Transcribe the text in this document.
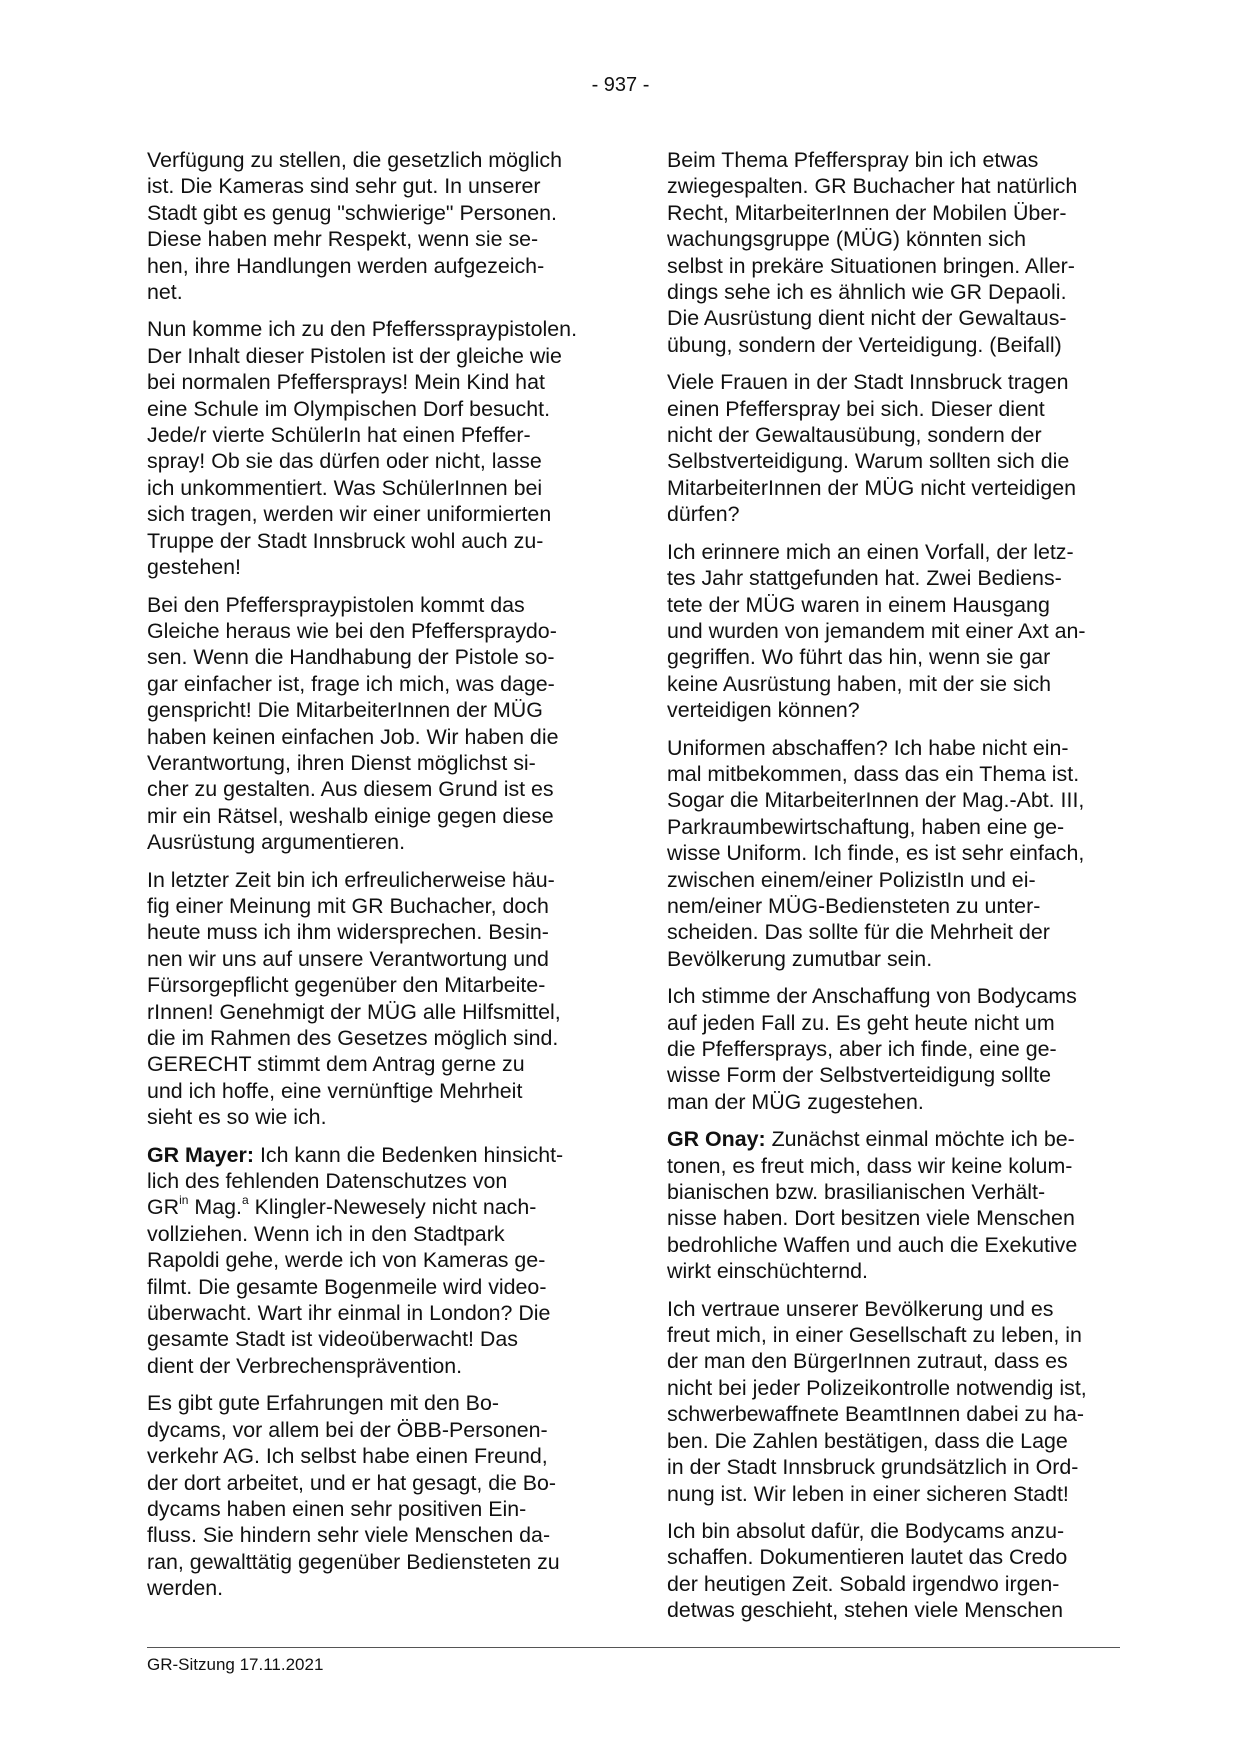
- 937 -
Verfügung zu stellen, die gesetzlich möglich
ist. Die Kameras sind sehr gut. In unserer
Stadt gibt es genug "schwierige" Personen.
Diese haben mehr Respekt, wenn sie se-
hen, ihre Handlungen werden aufgezeich-
net.
Nun komme ich zu den Pfeffersspraypistolen.
Der Inhalt dieser Pistolen ist der gleiche wie
bei normalen Pfeffersprays! Mein Kind hat
eine Schule im Olympischen Dorf besucht.
Jede/r vierte SchülerIn hat einen Pfeffer-
spray! Ob sie das dürfen oder nicht, lasse
ich unkommentiert. Was SchülerInnen bei
sich tragen, werden wir einer uniformierten
Truppe der Stadt Innsbruck wohl auch zu-
gestehen!
Bei den Pfefferspraypistolen kommt das
Gleiche heraus wie bei den Pfefferspraydo-
sen. Wenn die Handhabung der Pistole so-
gar einfacher ist, frage ich mich, was dage-
genspricht! Die MitarbeiterInnen der MÜG
haben keinen einfachen Job. Wir haben die
Verantwortung, ihren Dienst möglichst si-
cher zu gestalten. Aus diesem Grund ist es
mir ein Rätsel, weshalb einige gegen diese
Ausrüstung argumentieren.
In letzter Zeit bin ich erfreulicherweise häu-
fig einer Meinung mit GR Buchacher, doch
heute muss ich ihm widersprechen. Besin-
nen wir uns auf unsere Verantwortung und
Fürsorgepflicht gegenüber den Mitarbeite-
rInnen! Genehmigt der MÜG alle Hilfsmittel,
die im Rahmen des Gesetzes möglich sind.
GERECHT stimmt dem Antrag gerne zu
und ich hoffe, eine vernünftige Mehrheit
sieht es so wie ich.
GR Mayer: Ich kann die Bedenken hinsicht-
lich des fehlenden Datenschutzes von
$GR^{in}$ Mag.$^a$ Klingler-Newesely nicht nach-
vollziehen. Wenn ich in den Stadtpark
Rapoldi gehe, werde ich von Kameras ge-
filmt. Die gesamte Bogenmeile wird video-
überwacht. Wart ihr einmal in London? Die
gesamte Stadt ist videoüberwacht! Das
dient der Verbrechensprävention.
Es gibt gute Erfahrungen mit den Bo-
dycams, vor allem bei der ÖBB-Personen-
verkehr AG. Ich selbst habe einen Freund,
der dort arbeitet, und er hat gesagt, die Bo-
dycams haben einen sehr positiven Ein-
fluss. Sie hindern sehr viele Menschen da-
ran, gewalttätig gegenüber Bediensteten zu
werden.
Beim Thema Pfefferspray bin ich etwas
zwiegespalten. GR Buchacher hat natürlich
Recht, MitarbeiterInnen der Mobilen Über-
wachungsgruppe (MÜG) könnten sich
selbst in prekäre Situationen bringen. Aller-
dings sehe ich es ähnlich wie GR Depaoli.
Die Ausrüstung dient nicht der Gewaltaus-
übung, sondern der Verteidigung. (Beifall)
Viele Frauen in der Stadt Innsbruck tragen
einen Pfefferspray bei sich. Dieser dient
nicht der Gewaltausübung, sondern der
Selbstverteidigung. Warum sollten sich die
MitarbeiterInnen der MÜG nicht verteidigen
dürfen?
Ich erinnere mich an einen Vorfall, der letz-
tes Jahr stattgefunden hat. Zwei Bediens-
tete der MÜG waren in einem Hausgang
und wurden von jemandem mit einer Axt an-
gegriffen. Wo führt das hin, wenn sie gar
keine Ausrüstung haben, mit der sie sich
verteidigen können?
Uniformen abschaffen? Ich habe nicht ein-
mal mitbekommen, dass das ein Thema ist.
Sogar die MitarbeiterInnen der Mag.-Abt. III,
Parkraumbewirtschaftung, haben eine ge-
wisse Uniform. Ich finde, es ist sehr einfach,
zwischen einem/einer PolizistIn und ei-
nem/einer MÜG-Bediensteten zu unter-
scheiden. Das sollte für die Mehrheit der
Bevölkerung zumutbar sein.
Ich stimme der Anschaffung von Bodycams
auf jeden Fall zu. Es geht heute nicht um
die Pfeffersprays, aber ich finde, eine ge-
wisse Form der Selbstverteidigung sollte
man der MÜG zugestehen.
GR Onay: Zunächst einmal möchte ich be-
tonen, es freut mich, dass wir keine kolum-
bianischen bzw. brasilianischen Verhält-
nisse haben. Dort besitzen viele Menschen
bedrohliche Waffen und auch die Exekutive
wirkt einschüchternd.
Ich vertraue unserer Bevölkerung und es
freut mich, in einer Gesellschaft zu leben, in
der man den BürgerInnen zutraut, dass es
nicht bei jeder Polizeikontrolle notwendig ist,
schwerbewaffnete BeamtInnen dabei zu ha-
ben. Die Zahlen bestätigen, dass die Lage
in der Stadt Innsbruck grundsätzlich in Ord-
nung ist. Wir leben in einer sicheren Stadt!
Ich bin absolut dafür, die Bodycams anzu-
schaffen. Dokumentieren lautet das Credo
der heutigen Zeit. Sobald irgendwo irgen-
detwas geschieht, stehen viele Menschen
GR-Sitzung 17.11.2021
